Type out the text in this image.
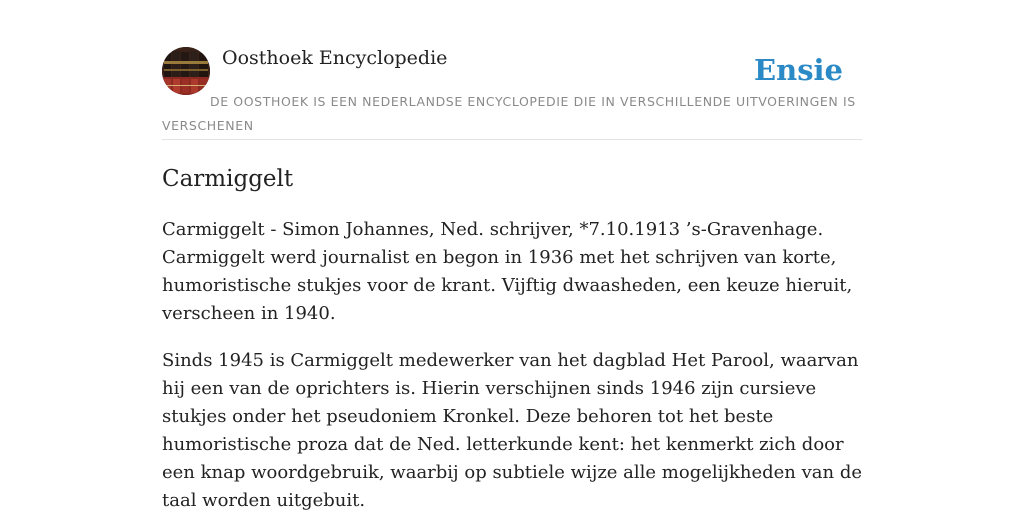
Oosthoek Encyclopedie	Ensie
DE OOSTHOEK IS EEN NEDERLANDSE ENCYCLOPEDIE DIE IN VERSCHILLENDE UITVOERINGEN IS VERSCHENEN
Carmiggelt

Carmiggelt - Simon Johannes, Ned. schrijver, *7.10.1913 ’s-Gravenhage. Carmiggelt werd journalist en begon in 1936 met het schrijven van korte, humoristische stukjes voor de krant. Vijftig dwaasheden, een keuze hieruit, verscheen in 1940.

Sinds 1945 is Carmiggelt medewerker van het dagblad Het Parool, waarvan hij een van de oprichters is. Hierin verschijnen sinds 1946 zijn cursieve stukjes onder het pseudoniem Kronkel. Deze behoren tot het beste humoristische proza dat de Ned. letterkunde kent: het kenmerkt zich door een knap woordgebruik, waarbij op subtiele wijze alle mogelijkheden van de taal worden uitgebuit.
